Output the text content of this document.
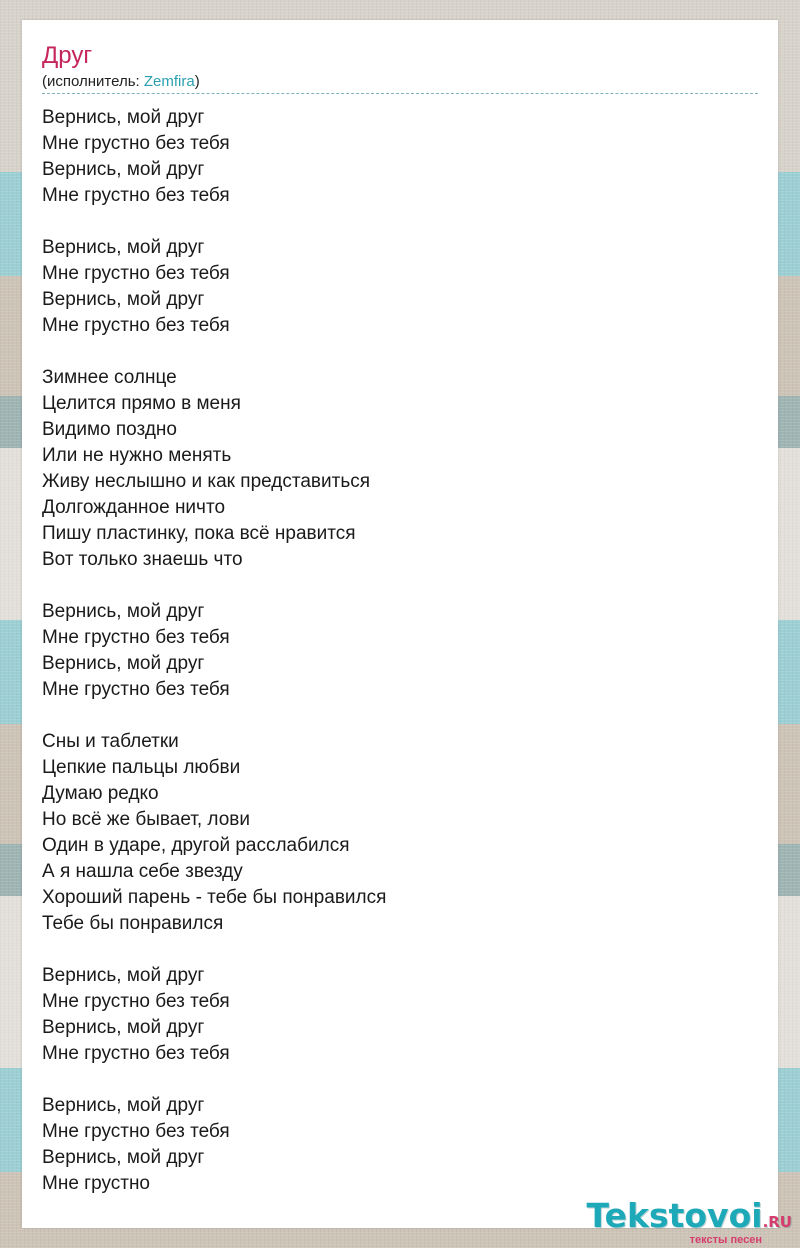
Друг
(исполнитель: Zemfira)
Вернись, мой друг
Мне грустно без тебя
Вернись, мой друг
Мне грустно без тебя
Вернись, мой друг
Мне грустно без тебя
Вернись, мой друг
Мне грустно без тебя
Зимнее солнце
Целится прямо в меня
Видимо поздно
Или не нужно менять
Живу неслышно и как представиться
Долгожданное ничто
Пишу пластинку, пока всё нравится
Вот только знаешь что
Вернись, мой друг
Мне грустно без тебя
Вернись, мой друг
Мне грустно без тебя
Сны и таблетки
Цепкие пальцы любви
Думаю редко
Но всё же бывает, лови
Один в ударе, другой расслабился
А я нашла себе звезду
Хороший парень - тебе бы понравился
Тебе бы понравился
Вернись, мой друг
Мне грустно без тебя
Вернись, мой друг
Мне грустно без тебя
Вернись, мой друг
Мне грустно без тебя
Вернись, мой друг
Мне грустно
Tekstovoi.RU
тексты песен
